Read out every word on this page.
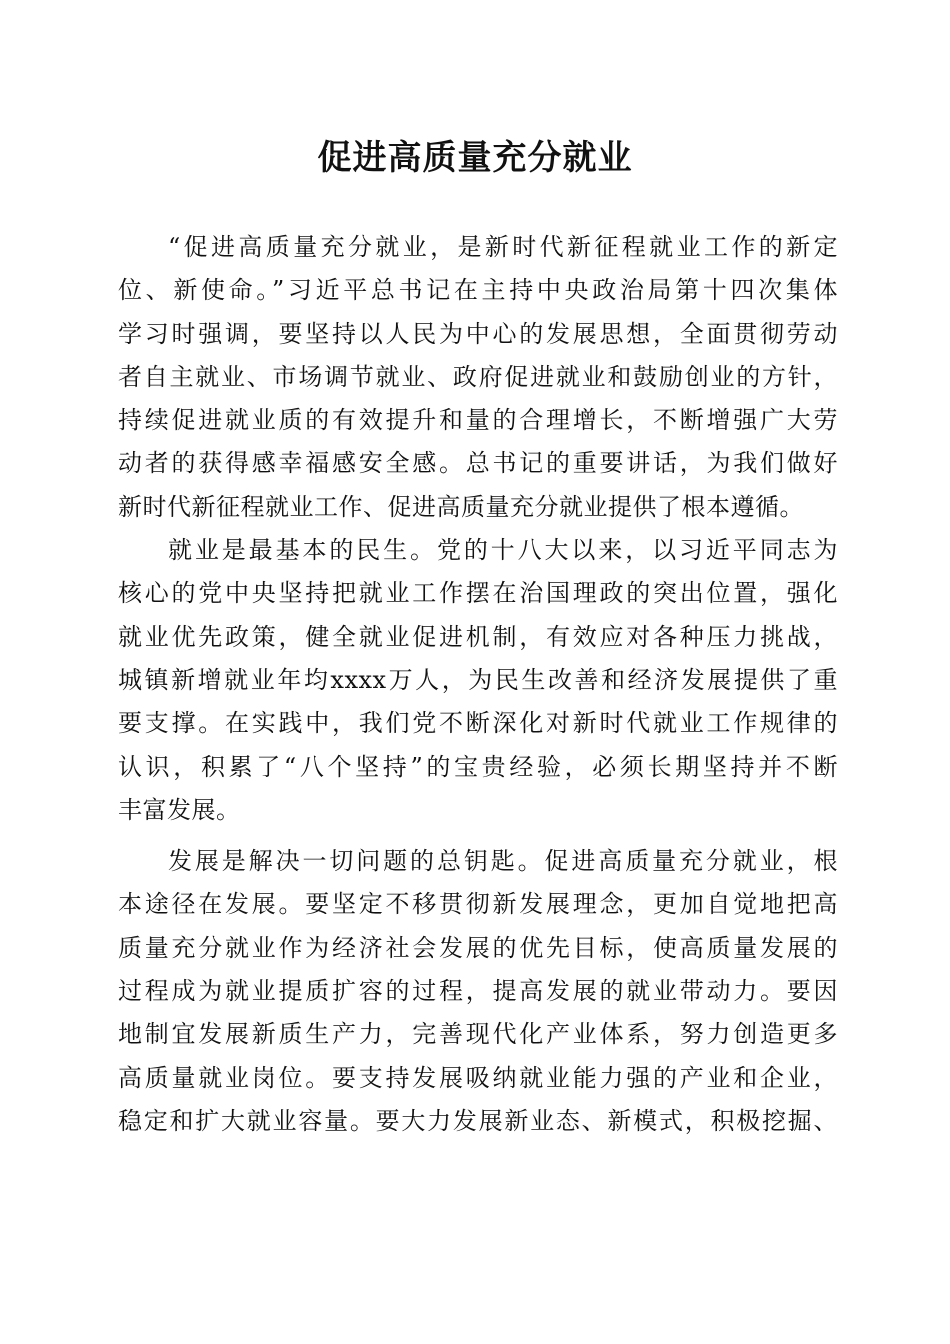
促进高质量充分就业
“促进高质量充分就业，是新时代新征程就业工作的新定
位、新使命。”习近平总书记在主持中央政治局第十四次集体
学习时强调，要坚持以人民为中心的发展思想，全面贯彻劳动
者自主就业、市场调节就业、政府促进就业和鼓励创业的方针，
持续促进就业质的有效提升和量的合理增长，不断增强广大劳
动者的获得感幸福感安全感。总书记的重要讲话，为我们做好
新时代新征程就业工作、促进高质量充分就业提供了根本遵循。
就业是最基本的民生。党的十八大以来，以习近平同志为
核心的党中央坚持把就业工作摆在治国理政的突出位置，强化
就业优先政策，健全就业促进机制，有效应对各种压力挑战，
城镇新增就业年均xxxx万人，为民生改善和经济发展提供了重
要支撑。在实践中，我们党不断深化对新时代就业工作规律的
认识，积累了“八个坚持”的宝贵经验，必须长期坚持并不断
丰富发展。
发展是解决一切问题的总钥匙。促进高质量充分就业，根
本途径在发展。要坚定不移贯彻新发展理念，更加自觉地把高
质量充分就业作为经济社会发展的优先目标，使高质量发展的
过程成为就业提质扩容的过程，提高发展的就业带动力。要因
地制宜发展新质生产力，完善现代化产业体系，努力创造更多
高质量就业岗位。要支持发展吸纳就业能力强的产业和企业，
稳定和扩大就业容量。要大力发展新业态、新模式，积极挖掘、
